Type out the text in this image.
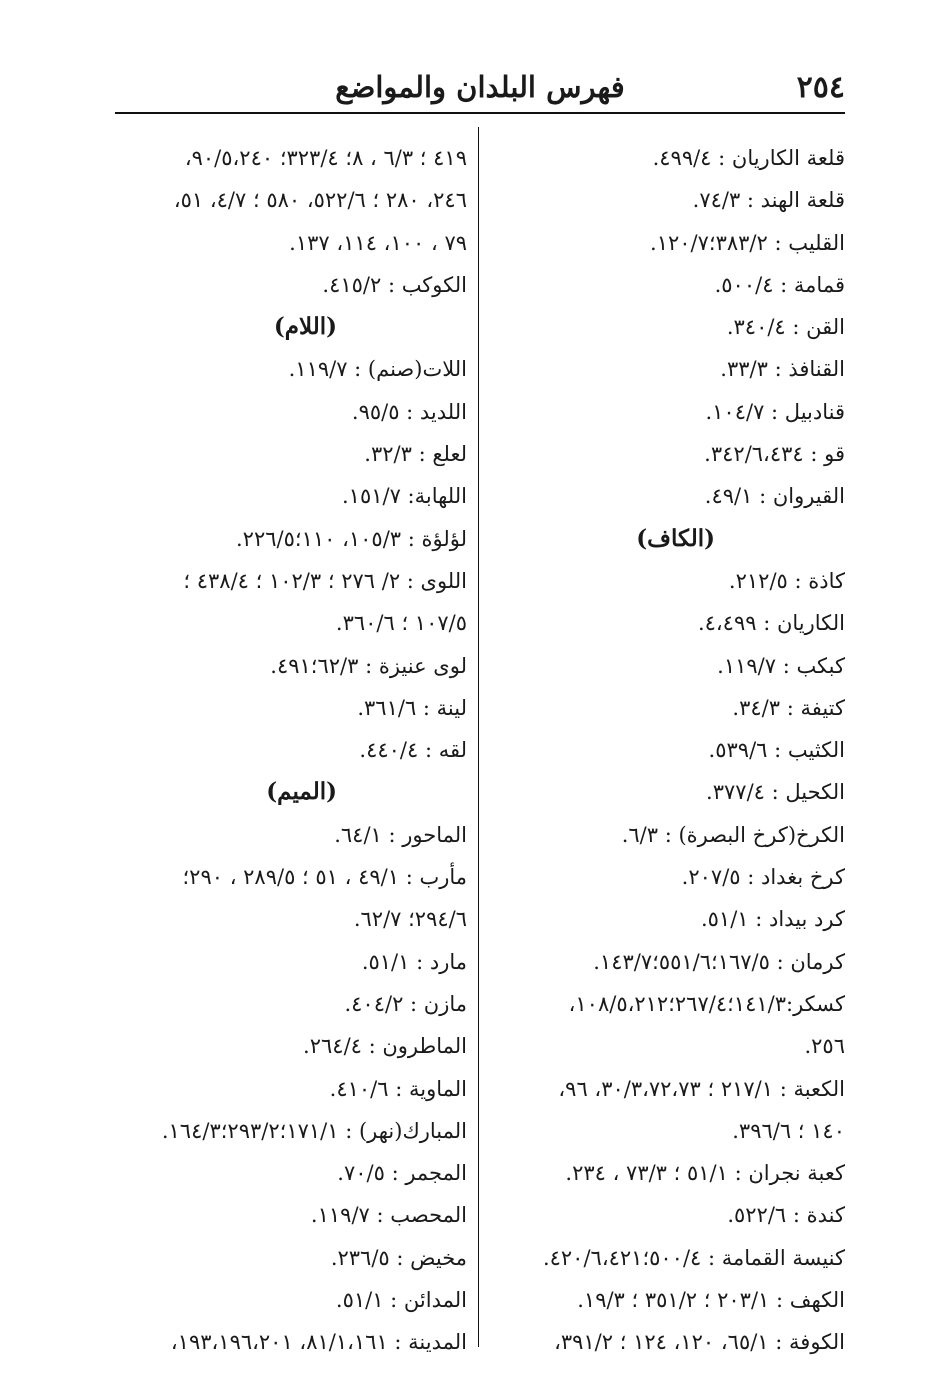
٢٥٤
فهرس البلدان والمواضع
قلعة الكاريان : ٤٩٩/٤.
قلعة الهند : ٧٤/٣.
القليب : ٣٨٣/٢؛١٢٠/٧.
قمامة : ٥٠٠/٤.
القن : ٣٤٠/٤.
القنافذ : ٣٣/٣.
قنادبيل : ١٠٤/٧.
قو : ٣٤٢/٦،٤٣٤.
القيروان : ٤٩/١.
(الكاف)
كاذة : ٢١٢/٥.
الكاريان : ٤،٤٩٩.
كبكب : ١١٩/٧.
كتيفة : ٣٤/٣.
الكثيب : ٥٣٩/٦.
الكحيل : ٣٧٧/٤.
الكرخ(كرخ البصرة) : ٦/٣.
كرخ بغداد : ٢٠٧/٥.
كرد بيداد : ٥١/١.
كرمان : ١٦٧/٥؛٥٥١/٦؛١٤٣/٧.
كسكر:١٤١/٣؛٢٦٧/٤؛١٠٨/٥،٢١٢،
٢٥٦.
الكعبة : ٢١٧/١ ؛ ٣٠/٣،٧٢،٧٣، ٩٦،
١٤٠ ؛ ٣٩٦/٦.
كعبة نجران : ٥١/١ ؛ ٧٣/٣ ، ٢٣٤.
كندة : ٥٢٢/٦.
كنيسة القمامة : ٥٠٠/٤؛٤٢٠/٦،٤٢١.
الكهف : ٢٠٣/١ ؛ ٣٥١/٢ ؛ ١٩/٣.
الكوفة : ٦٥/١، ١٢٠، ١٢٤ ؛ ٣٩١/٢،
٤١٩ ؛ ٦/٣ ، ٨؛ ٣٢٣/٤؛ ٩٠/٥،٢٤٠،
٢٤٦، ٢٨٠ ؛ ٥٢٢/٦، ٥٨٠ ؛ ٤/٧، ٥١،
٧٩ ، ١٠٠، ١١٤، ١٣٧.
الكوكب : ٤١٥/٢.
(اللام)
اللات(صنم) : ١١٩/٧.
اللديد : ٩٥/٥.
لعلع : ٣٢/٣.
اللهابة: ١٥١/٧.
لؤلؤة : ١٠٥/٣، ١١٠؛٢٢٦/٥.
اللوى : ٢/ ٢٧٦ ؛ ١٠٢/٣ ؛ ٤٣٨/٤ ؛
١٠٧/٥ ؛ ٣٦٠/٦.
لوى عنيزة : ٦٢/٣؛٤٩١.
لينة : ٣٦١/٦.
لقه : ٤٤٠/٤.
(الميم)
الماحور : ٦٤/١.
مأرب : ٤٩/١ ، ٥١ ؛ ٢٨٩/٥ ، ٢٩٠؛
٢٩٤/٦؛ ٦٢/٧.
مارد : ٥١/١.
مازن : ٤٠٤/٢.
الماطرون : ٢٦٤/٤.
الماوية : ٤١٠/٦.
المبارك(نهر) : ١٧١/١؛٢٩٣/٢؛١٦٤/٣.
المجمر : ٧٠/٥.
المحصب : ١١٩/٧.
مخيض : ٢٣٦/٥.
المدائن : ٥١/١.
المدينة : ٨١/١،١٦١، ١٩٣،١٩٦،٢٠١،
